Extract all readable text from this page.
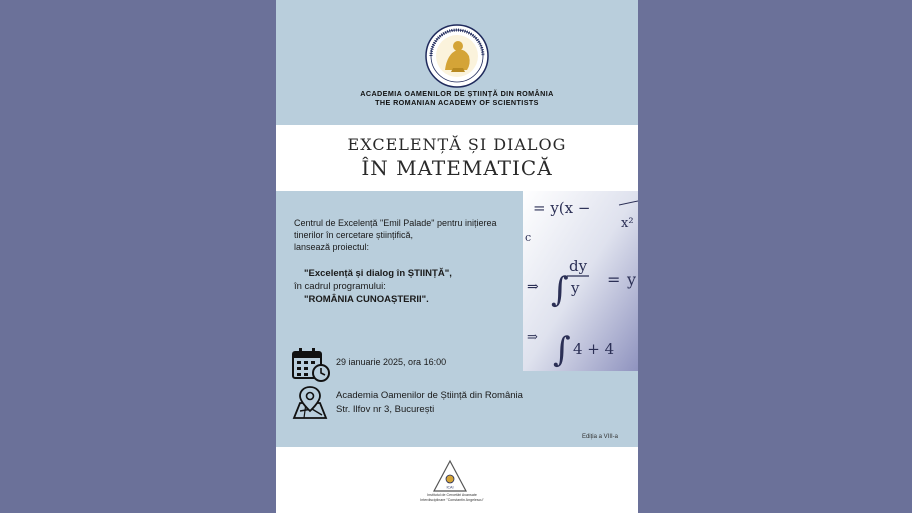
ACADEMIA OAMENILOR DE ȘTIINȚĂ DIN ROMÂNIA
THE ROMANIAN ACADEMY OF SCIENTISTS
EXCELENȚĂ ȘI DIALOG
ÎN MATEMATICĂ
= y(x −
x²
c
⇒ ∫
dy
y = y
⇒ ∫ 4 + 4
Centrul de Excelență "Emil Palade" pentru inițierea
tinerilor în cercetare științifică,
lansează proiectul:
"Excelență și dialog în ȘTIINȚĂ",
în cadrul programului:
"ROMÂNIA CUNOAȘTERII".
29 ianuarie 2025, ora 16:00
Academia Oamenilor de Știință din România
Str. Ilfov nr 3, București
Ediția a VIII-a
ICAI
Institutul de Cercetări Avansate
Interdisciplinare "Constantin Angelescu"
